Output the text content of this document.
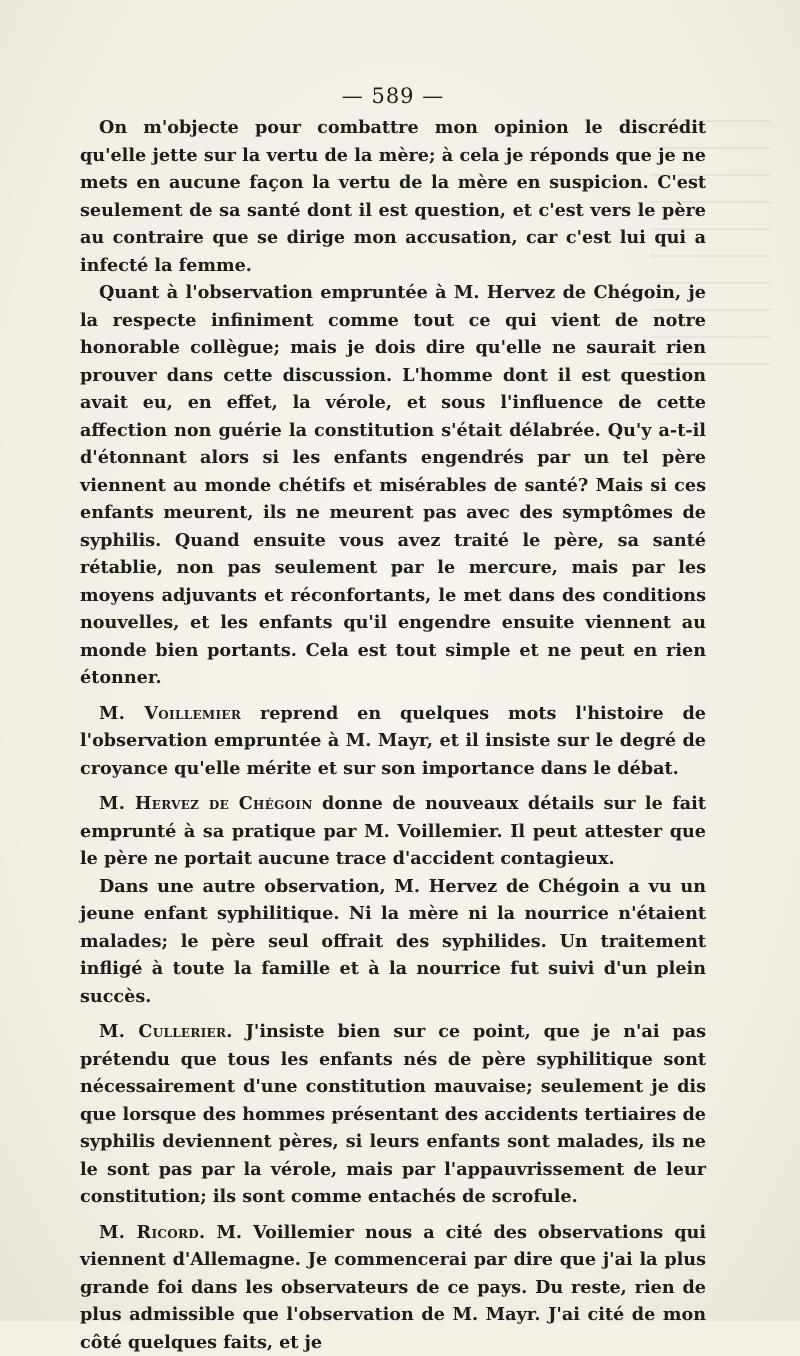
— 589 —

On m'objecte pour combattre mon opinion le discrédit qu'elle jette sur la vertu de la mère; à cela je réponds que je ne mets en aucune façon la vertu de la mère en suspicion. C'est seulement de sa santé dont il est question, et c'est vers le père au contraire que se dirige mon accusation, car c'est lui qui a infecté la femme.

Quant à l'observation empruntée à M. Hervez de Chégoin, je la respecte infiniment comme tout ce qui vient de notre honorable collègue; mais je dois dire qu'elle ne saurait rien prouver dans cette discussion. L'homme dont il est question avait eu, en effet, la vérole, et sous l'influence de cette affection non guérie la constitution s'était délabrée. Qu'y a-t-il d'étonnant alors si les enfants engendrés par un tel père viennent au monde chétifs et misérables de santé? Mais si ces enfants meurent, ils ne meurent pas avec des symptômes de syphilis. Quand ensuite vous avez traité le père, sa santé rétablie, non pas seulement par le mercure, mais par les moyens adjuvants et réconfortants, le met dans des conditions nouvelles, et les enfants qu'il engendre ensuite viennent au monde bien portants. Cela est tout simple et ne peut en rien étonner.

M. Voillemier reprend en quelques mots l'histoire de l'observation empruntée à M. Mayr, et il insiste sur le degré de croyance qu'elle mérite et sur son importance dans le débat.

M. Hervez de Chégoin donne de nouveaux détails sur le fait emprunté à sa pratique par M. Voillemier. Il peut attester que le père ne portait aucune trace d'accident contagieux.

Dans une autre observation, M. Hervez de Chégoin a vu un jeune enfant syphilitique. Ni la mère ni la nourrice n'étaient malades; le père seul offrait des syphilides. Un traitement infligé à toute la famille et à la nourrice fut suivi d'un plein succès.

M. Cullerier. J'insiste bien sur ce point, que je n'ai pas prétendu que tous les enfants nés de père syphilitique sont nécessairement d'une constitution mauvaise; seulement je dis que lorsque des hommes présentant des accidents tertiaires de syphilis deviennent pères, si leurs enfants sont malades, ils ne le sont pas par la vérole, mais par l'appauvrissement de leur constitution; ils sont comme entachés de scrofule.

M. Ricord. M. Voillemier nous a cité des observations qui viennent d'Allemagne. Je commencerai par dire que j'ai la plus grande foi dans les observateurs de ce pays. Du reste, rien de plus admissible que l'observation de M. Mayr. J'ai cité de mon côté quelques faits, et je
